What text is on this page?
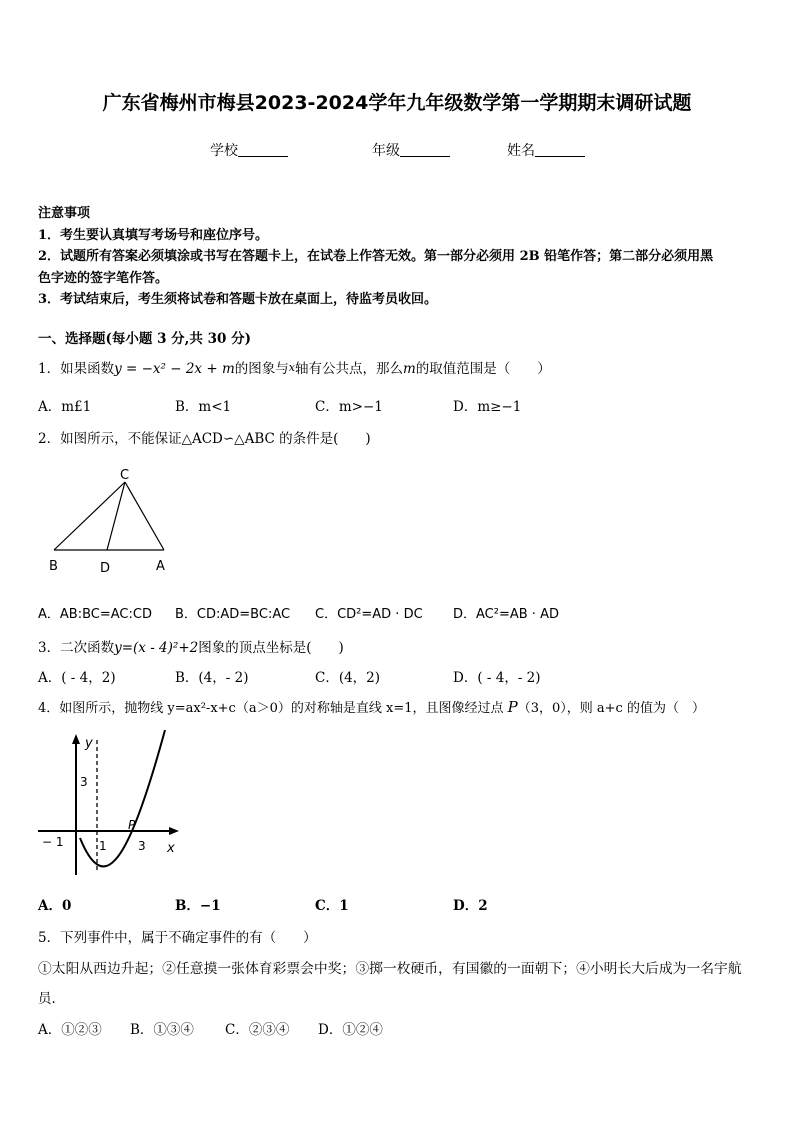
广东省梅州市梅县2023-2024学年九年级数学第一学期期末调研试题
学校	年级	姓名
注意事项
1．考生要认真填写考场号和座位序号。
2．试题所有答案必须填涂或书写在答题卡上，在试卷上作答无效。第一部分必须用 2B 铅笔作答；第二部分必须用黑
色字迹的签字笔作答。
3．考试结束后，考生须将试卷和答题卡放在桌面上，待监考员收回。
一、选择题(每小题 3 分,共 30 分)
1．如果函数y = −x² − 2x + m的图象与x轴有公共点，那么m的取值范围是（　　）
A．m£1	B．m<1	C．m>−1	D．m≥−1
2．如图所示，不能保证△ACD∽△ABC 的条件是(　　)
C
B	D	A
A．AB:BC=AC:CD B．CD:AD=BC:AC C．CD²=AD · DC D．AC²=AB · AD
3．二次函数y=(x - 4)²+2图象的顶点坐标是(　　)
A．( - 4，2)	B．(4，- 2)	C．(4，2)	D．( - 4，- 2)
4．如图所示，抛物线 y=ax²-x+c（a＞0）的对称轴是直线 x=1，且图像经过点 P（3，0），则 a+c 的值为（　）
y
3
− 1	1	3
P
x
A．0	B．−1	C．1	D．2
5．下列事件中，属于不确定事件的有（　　）
①太阳从西边升起；②任意摸一张体育彩票会中奖；③掷一枚硬币，有国徽的一面朝下；④小明长大后成为一名宇航
员．
A．①②③ B．①③④ C．②③④ D．①②④
